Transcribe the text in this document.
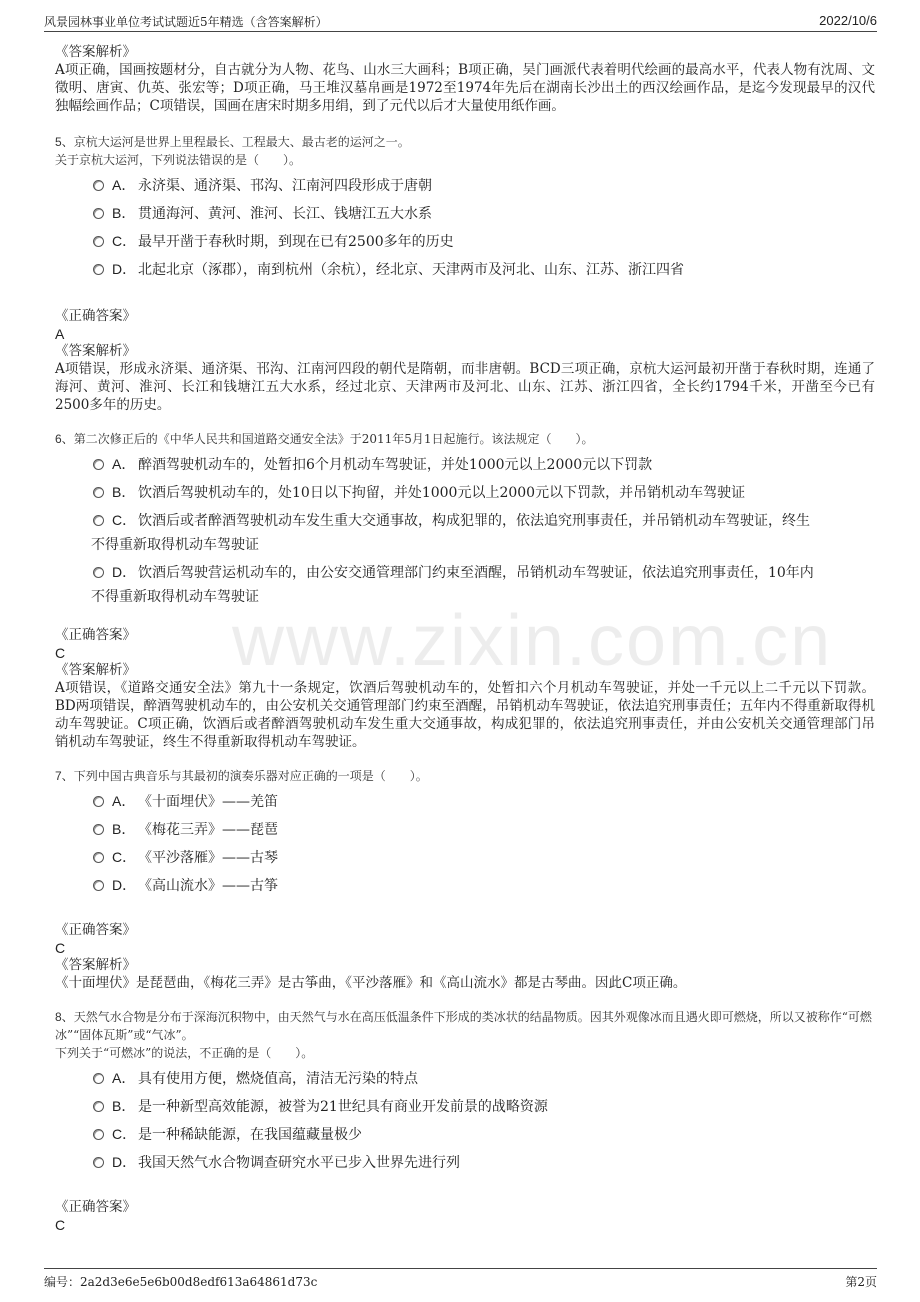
风景园林事业单位考试试题近5年精选（含答案解析）	2022/10/6
www.zixin.com.cn
《答案解析》
A项正确，国画按题材分，自古就分为人物、花鸟、山水三大画科；B项正确，吴门画派代表着明代绘画的最高水平，代表人物有沈周、文徵明、唐寅、仇英、张宏等；D项正确，马王堆汉墓帛画是1972至1974年先后在湖南长沙出土的西汉绘画作品，是迄今发现最早的汉代独幅绘画作品；C项错误，国画在唐宋时期多用绢，到了元代以后才大量使用纸作画。
5、京杭大运河是世界上里程最长、工程最大、最古老的运河之一。
关于京杭大运河，下列说法错误的是（　　）。
A． 永济渠、通济渠、邗沟、江南河四段形成于唐朝
B． 贯通海河、黄河、淮河、长江、钱塘江五大水系
C． 最早开凿于春秋时期，到现在已有2500多年的历史
D． 北起北京（涿郡），南到杭州（余杭），经北京、天津两市及河北、山东、江苏、浙江四省
《正确答案》
A
《答案解析》
A项错误，形成永济渠、通济渠、邗沟、江南河四段的朝代是隋朝，而非唐朝。BCD三项正确，京杭大运河最初开凿于春秋时期，连通了海河、黄河、淮河、长江和钱塘江五大水系，经过北京、天津两市及河北、山东、江苏、浙江四省，全长约1794千米，开凿至今已有2500多年的历史。
6、第二次修正后的《中华人民共和国道路交通安全法》于2011年5月1日起施行。该法规定（　　）。
A． 醉酒驾驶机动车的，处暂扣6个月机动车驾驶证，并处1000元以上2000元以下罚款
B． 饮酒后驾驶机动车的，处10日以下拘留，并处1000元以上2000元以下罚款，并吊销机动车驾驶证
C． 饮酒后或者醉酒驾驶机动车发生重大交通事故，构成犯罪的，依法追究刑事责任，并吊销机动车驾驶证，终生
不得重新取得机动车驾驶证
D． 饮酒后驾驶营运机动车的，由公安交通管理部门约束至酒醒，吊销机动车驾驶证，依法追究刑事责任，10年内
不得重新取得机动车驾驶证
《正确答案》
C
《答案解析》
A项错误，《道路交通安全法》第九十一条规定，饮酒后驾驶机动车的，处暂扣六个月机动车驾驶证，并处一千元以上二千元以下罚款。BD两项错误，醉酒驾驶机动车的，由公安机关交通管理部门约束至酒醒，吊销机动车驾驶证，依法追究刑事责任；五年内不得重新取得机动车驾驶证。C项正确，饮酒后或者醉酒驾驶机动车发生重大交通事故，构成犯罪的，依法追究刑事责任，并由公安机关交通管理部门吊销机动车驾驶证，终生不得重新取得机动车驾驶证。
7、下列中国古典音乐与其最初的演奏乐器对应正确的一项是（　　）。
A． 《十面埋伏》——羌笛
B． 《梅花三弄》——琵琶
C． 《平沙落雁》——古琴
D． 《高山流水》——古筝
《正确答案》
C
《答案解析》
《十面埋伏》是琵琶曲，《梅花三弄》是古筝曲，《平沙落雁》和《高山流水》都是古琴曲。因此C项正确。
8、天然气水合物是分布于深海沉积物中，由天然气与水在高压低温条件下形成的类冰状的结晶物质。因其外观像冰而且遇火即可燃烧，所以又被称作“可燃冰”“固体瓦斯”或“气冰”。
下列关于“可燃冰”的说法，不正确的是（　　）。
A． 具有使用方便，燃烧值高，清洁无污染的特点
B． 是一种新型高效能源，被誉为21世纪具有商业开发前景的战略资源
C． 是一种稀缺能源，在我国蕴藏量极少
D． 我国天然气水合物调查研究水平已步入世界先进行列
《正确答案》
C
编号：2a2d3e6e5e6b00d8edf613a64861d73c	第2页
